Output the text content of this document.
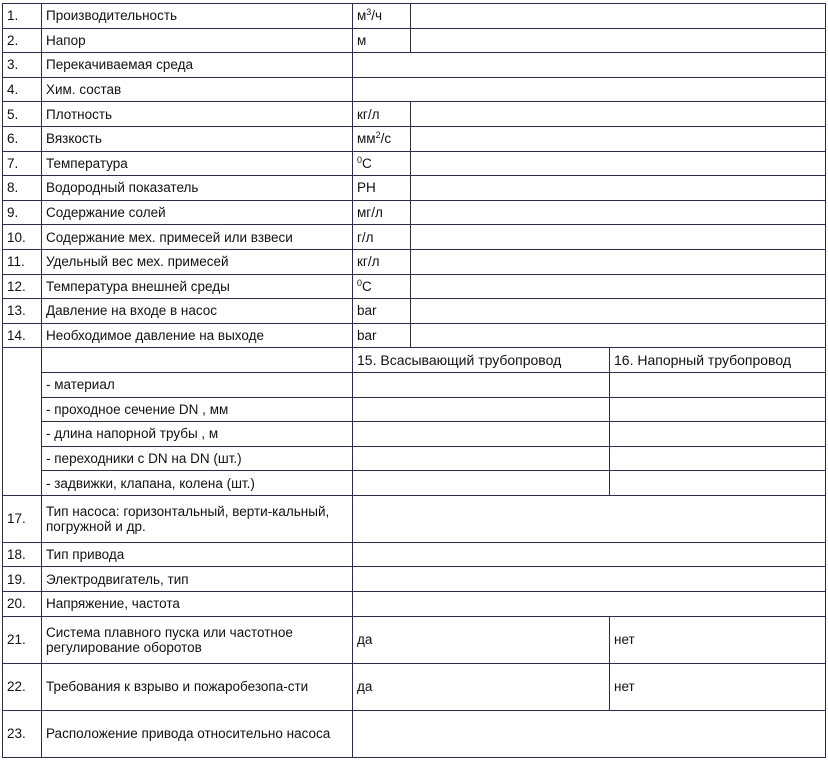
1.	Производительность	$м^3/ч$		
2.	Напор	м		
3.	Перекачиваемая среда			
4.	Хим. состав			
5.	Плотность	кг/л		
6.	Вязкость	$мм^2/с$		
7.	Температура	$^0$С		
8.	Водородный показатель	PH		
9.	Содержание солей	мг/л		
10.	Содержание мех. примесей или взвеси	г/л		
11.	Удельный вес мех. примесей	кг/л		
12.	Температура внешней среды	$^0$С		
13.	Давление на входе в насос	bar		
14.	Необходимое давление на выходе	bar		
		15. Всасывающий трубопровод		16. Напорный трубопровод
	- материал			
	- проходное сечение DN , мм			
	- длина напорной трубы , м			
	- переходники с DN на DN (шт.)			
	- задвижки, клапана, колена (шт.)			
17.	Тип насоса: горизонтальный, верти-кальный, погружной и др.			
18.	Тип привода			
19.	Электродвигатель, тип			
20.	Напряжение, частота			
21.	Система плавного пуска или частотное регулирование оборотов	да		нет
22.	Требования к взрыво и пожаробезопа-сти	да		нет
23.	Расположение привода относительно насоса			
